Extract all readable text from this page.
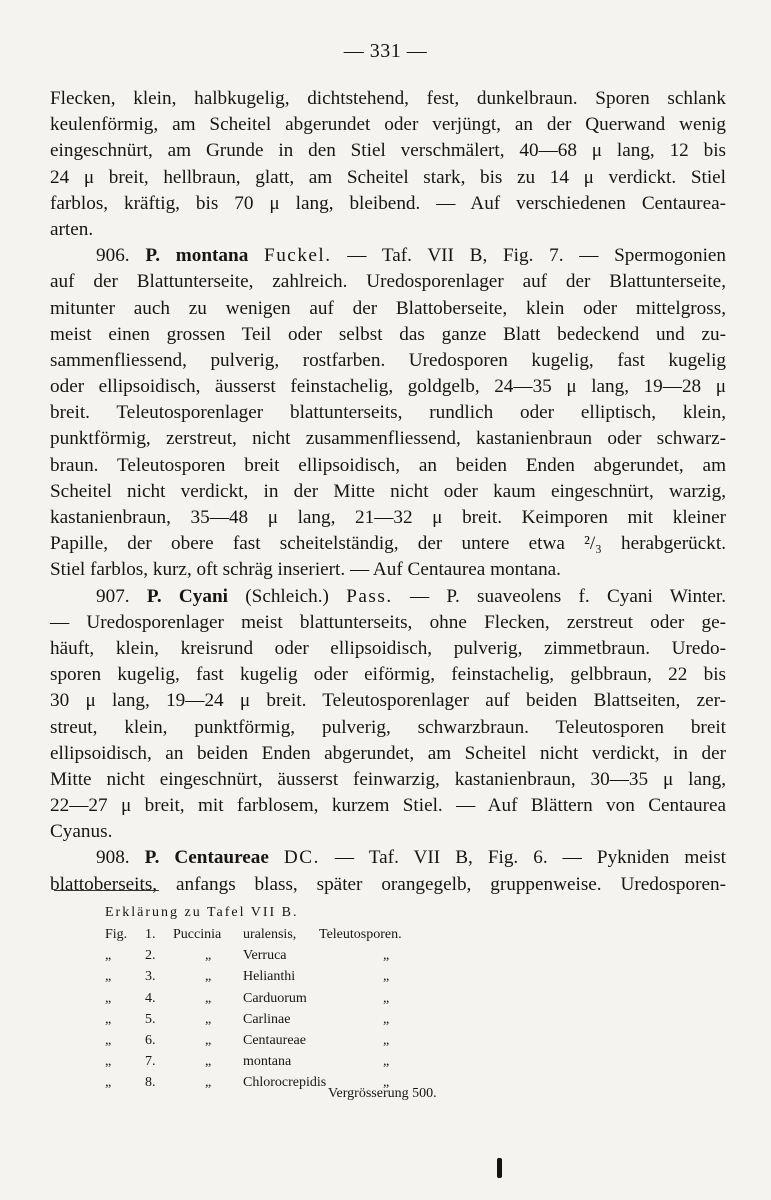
— 331 —
Flecken, klein, halbkugelig, dichtstehend, fest, dunkelbraun. Sporen schlank
keulenförmig, am Scheitel abgerundet oder verjüngt, an der Querwand wenig
eingeschnürt, am Grunde in den Stiel verschmälert, 40—68 μ lang, 12 bis
24 μ breit, hellbraun, glatt, am Scheitel stark, bis zu 14 μ verdickt. Stiel
farblos, kräftig, bis 70 μ lang, bleibend. — Auf verschiedenen Centaurea-
arten.
906. P. montana Fuckel. — Taf. VII B, Fig. 7. — Spermogonien
auf der Blattunterseite, zahlreich. Uredosporenlager auf der Blattunterseite,
mitunter auch zu wenigen auf der Blattoberseite, klein oder mittelgross,
meist einen grossen Teil oder selbst das ganze Blatt bedeckend und zu-
sammenfliessend, pulverig, rostfarben. Uredosporen kugelig, fast kugelig
oder ellipsoidisch, äusserst feinstachelig, goldgelb, 24—35 μ lang, 19—28 μ
breit. Teleutosporenlager blattunterseits, rundlich oder elliptisch, klein,
punktförmig, zerstreut, nicht zusammenfliessend, kastanienbraun oder schwarz-
braun. Teleutosporen breit ellipsoidisch, an beiden Enden abgerundet, am
Scheitel nicht verdickt, in der Mitte nicht oder kaum eingeschnürt, warzig,
kastanienbraun, 35—48 μ lang, 21—32 μ breit. Keimporen mit kleiner
Papille, der obere fast scheitelständig, der untere etwa ²/₃ herabgerückt.
Stiel farblos, kurz, oft schräg inseriert. — Auf Centaurea montana.
907. P. Cyani (Schleich.) Pass. — P. suaveolens f. Cyani Winter.
— Uredosporenlager meist blattunterseits, ohne Flecken, zerstreut oder ge-
häuft, klein, kreisrund oder ellipsoidisch, pulverig, zimmetbraun. Uredo-
sporen kugelig, fast kugelig oder eiförmig, feinstachelig, gelbbraun, 22 bis
30 μ lang, 19—24 μ breit. Teleutosporenlager auf beiden Blattseiten, zer-
streut, klein, punktförmig, pulverig, schwarzbraun. Teleutosporen breit
ellipsoidisch, an beiden Enden abgerundet, am Scheitel nicht verdickt, in der
Mitte nicht eingeschnürt, äusserst feinwarzig, kastanienbraun, 30—35 μ lang,
22—27 μ breit, mit farblosem, kurzem Stiel. — Auf Blättern von Centaurea
Cyanus.
908. P. Centaureae DC. — Taf. VII B, Fig. 6. — Pykniden meist
blattoberseits, anfangs blass, später orangegelb, gruppenweise. Uredosporen-
Erklärung zu Tafel VII B.
Fig. 1. Puccinia uralensis, Teleutosporen.
„ 2.	„ Verruca	„
„ 3.	„ Helianthi	„
„ 4.	„ Carduorum	„
„ 5.	„ Carlinae	„
„ 6.	„ Centaureae	„
„ 7.	„ montana	„
„ 8.	„ Chlorocrepidis	„
Vergrösserung 500.
